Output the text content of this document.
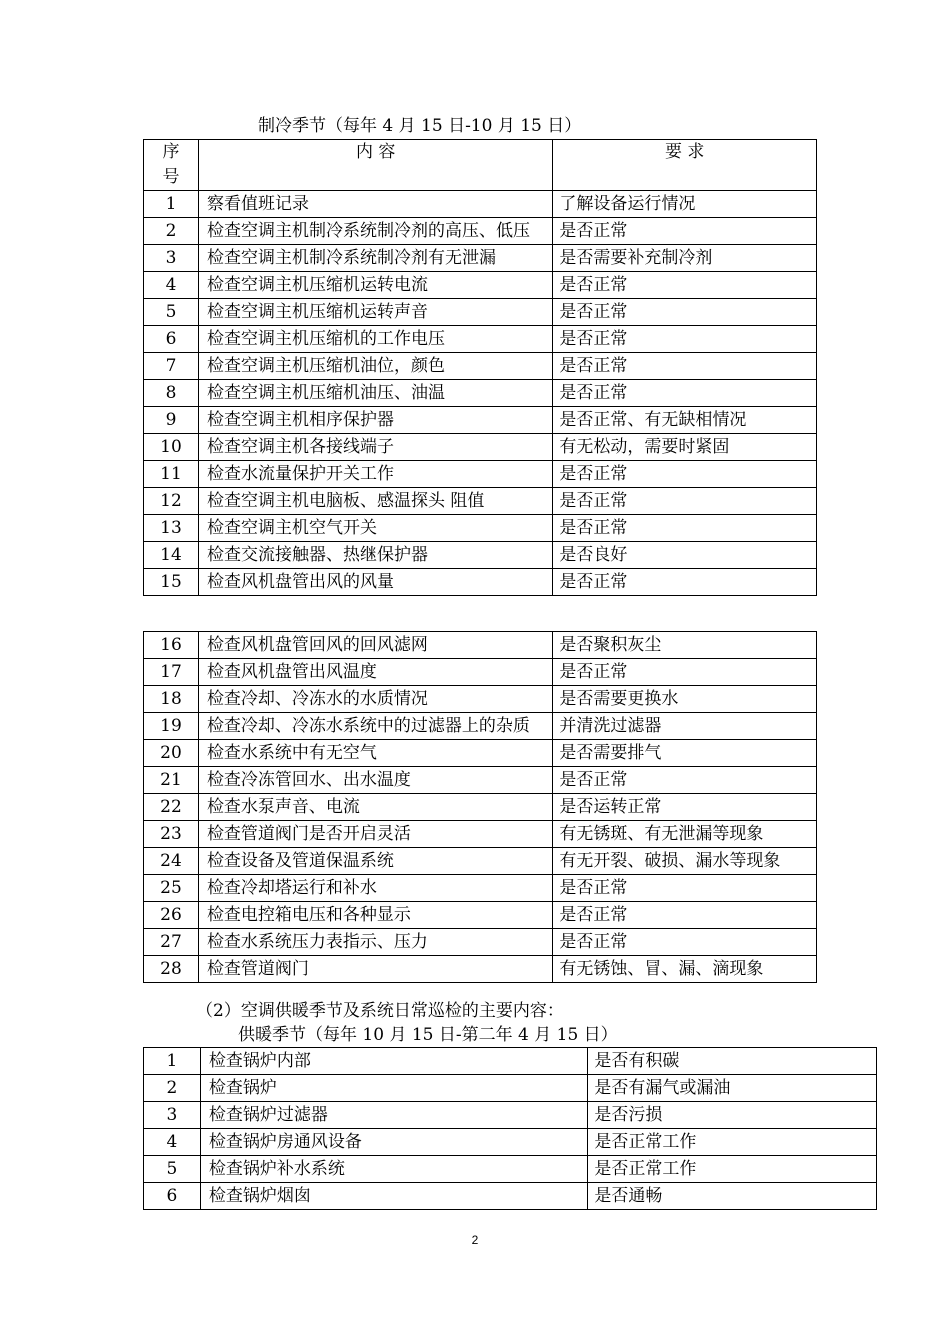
制冷季节（每年 4 月 15 日-10 月 15 日）
序号	内 容	要 求
1	察看值班记录	了解设备运行情况
2	检查空调主机制冷系统制冷剂的高压、低压	是否正常
3	检查空调主机制冷系统制冷剂有无泄漏	是否需要补充制冷剂
4	检查空调主机压缩机运转电流	是否正常
5	检查空调主机压缩机运转声音	是否正常
6	检查空调主机压缩机的工作电压	是否正常
7	检查空调主机压缩机油位，颜色	是否正常
8	检查空调主机压缩机油压、油温	是否正常
9	检查空调主机相序保护器	是否正常、有无缺相情况
10	检查空调主机各接线端子	有无松动，需要时紧固
11	检查水流量保护开关工作	是否正常
12	检查空调主机电脑板、感温探头 阻值	是否正常
13	检查空调主机空气开关	是否正常
14	检查交流接触器、热继保护器	是否良好
15	检查风机盘管出风的风量	是否正常
16	检查风机盘管回风的回风滤网	是否聚积灰尘
17	检查风机盘管出风温度	是否正常
18	检查冷却、冷冻水的水质情况	是否需要更换水
19	检查冷却、冷冻水系统中的过滤器上的杂质	并清洗过滤器
20	检查水系统中有无空气	是否需要排气
21	检查冷冻管回水、出水温度	是否正常
22	检查水泵声音、电流	是否运转正常
23	检查管道阀门是否开启灵活	有无锈斑、有无泄漏等现象
24	检查设备及管道保温系统	有无开裂、破损、漏水等现象
25	检查冷却塔运行和补水	是否正常
26	检查电控箱电压和各种显示	是否正常
27	检查水系统压力表指示、压力	是否正常
28	检查管道阀门	有无锈蚀、冒、漏、滴现象
（2）空调供暖季节及系统日常巡检的主要内容：
供暖季节（每年 10 月 15 日-第二年 4 月 15 日）
1	检查锅炉内部	是否有积碳
2	检查锅炉	是否有漏气或漏油
3	检查锅炉过滤器	是否污损
4	检查锅炉房通风设备	是否正常工作
5	检查锅炉补水系统	是否正常工作
6	检查锅炉烟囱	是否通畅
2
